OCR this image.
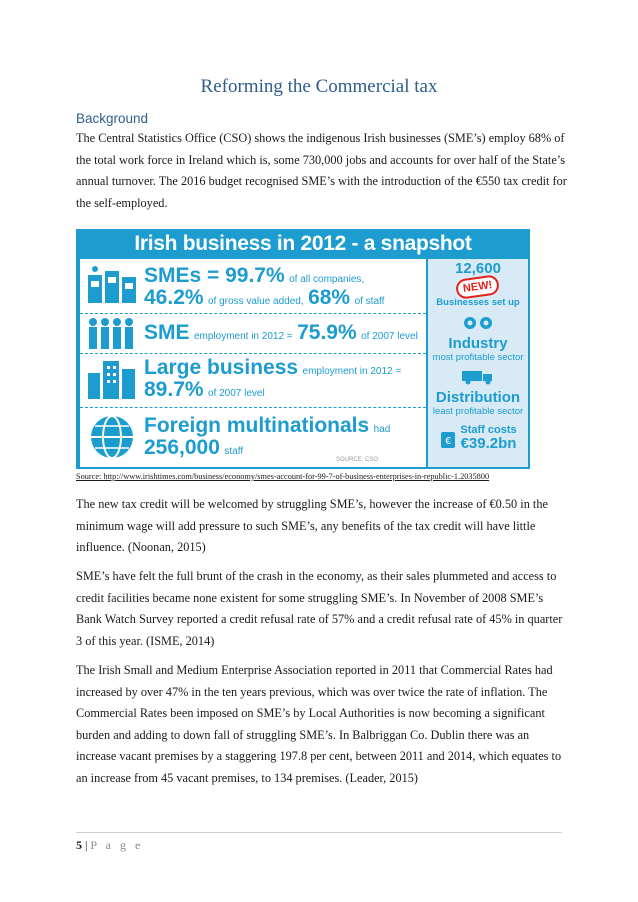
Reforming the Commercial tax
Background

The Central Statistics Office (CSO) shows the indigenous Irish businesses (SME’s) employ 68% of the total work force in Ireland which is, some 730,000 jobs and accounts for over half of the State’s annual turnover. The 2016 budget recognised SME’s with the introduction of the €550 tax credit for the self-employed.

Irish business in 2012 - a snapshot
SMEs = 99.7% of all companies,
46.2% of gross value added, 68% of staff
SME employment in 2012 = 75.9% of 2007 level
Large business employment in 2012 =
89.7% of 2007 level
Foreign multinationals had
256,000 staff
SOURCE: CSO
12,600
NEW!
Businesses set up
Industry
most profitable sector
Distribution
least profitable sector
€
Staff costs
€39.2bn
Source: http://www.irishtimes.com/business/economy/smes-account-for-99-7-of-business-enterprises-in-republic-1.2035800

The new tax credit will be welcomed by struggling SME’s, however the increase of €0.50 in the minimum wage will add pressure to such SME’s, any benefits of the tax credit will have little influence. (Noonan, 2015)

SME’s have felt the full brunt of the crash in the economy, as their sales plummeted and access to credit facilities became none existent for some struggling SME’s. In November of 2008 SME’s Bank Watch Survey reported a credit refusal rate of 57% and a credit refusal rate of 45% in quarter 3 of this year. (ISME, 2014)

The Irish Small and Medium Enterprise Association reported in 2011 that Commercial Rates had increased by over 47% in the ten years previous, which was over twice the rate of inflation. The Commercial Rates been imposed on SME’s by Local Authorities is now becoming a significant burden and adding to down fall of struggling SME’s. In Balbriggan Co. Dublin there was an increase vacant premises by a staggering 197.8 per cent, between 2011 and 2014, which equates to an increase from 45 vacant premises, to 134 premises. (Leader, 2015)

5 | P a g e
